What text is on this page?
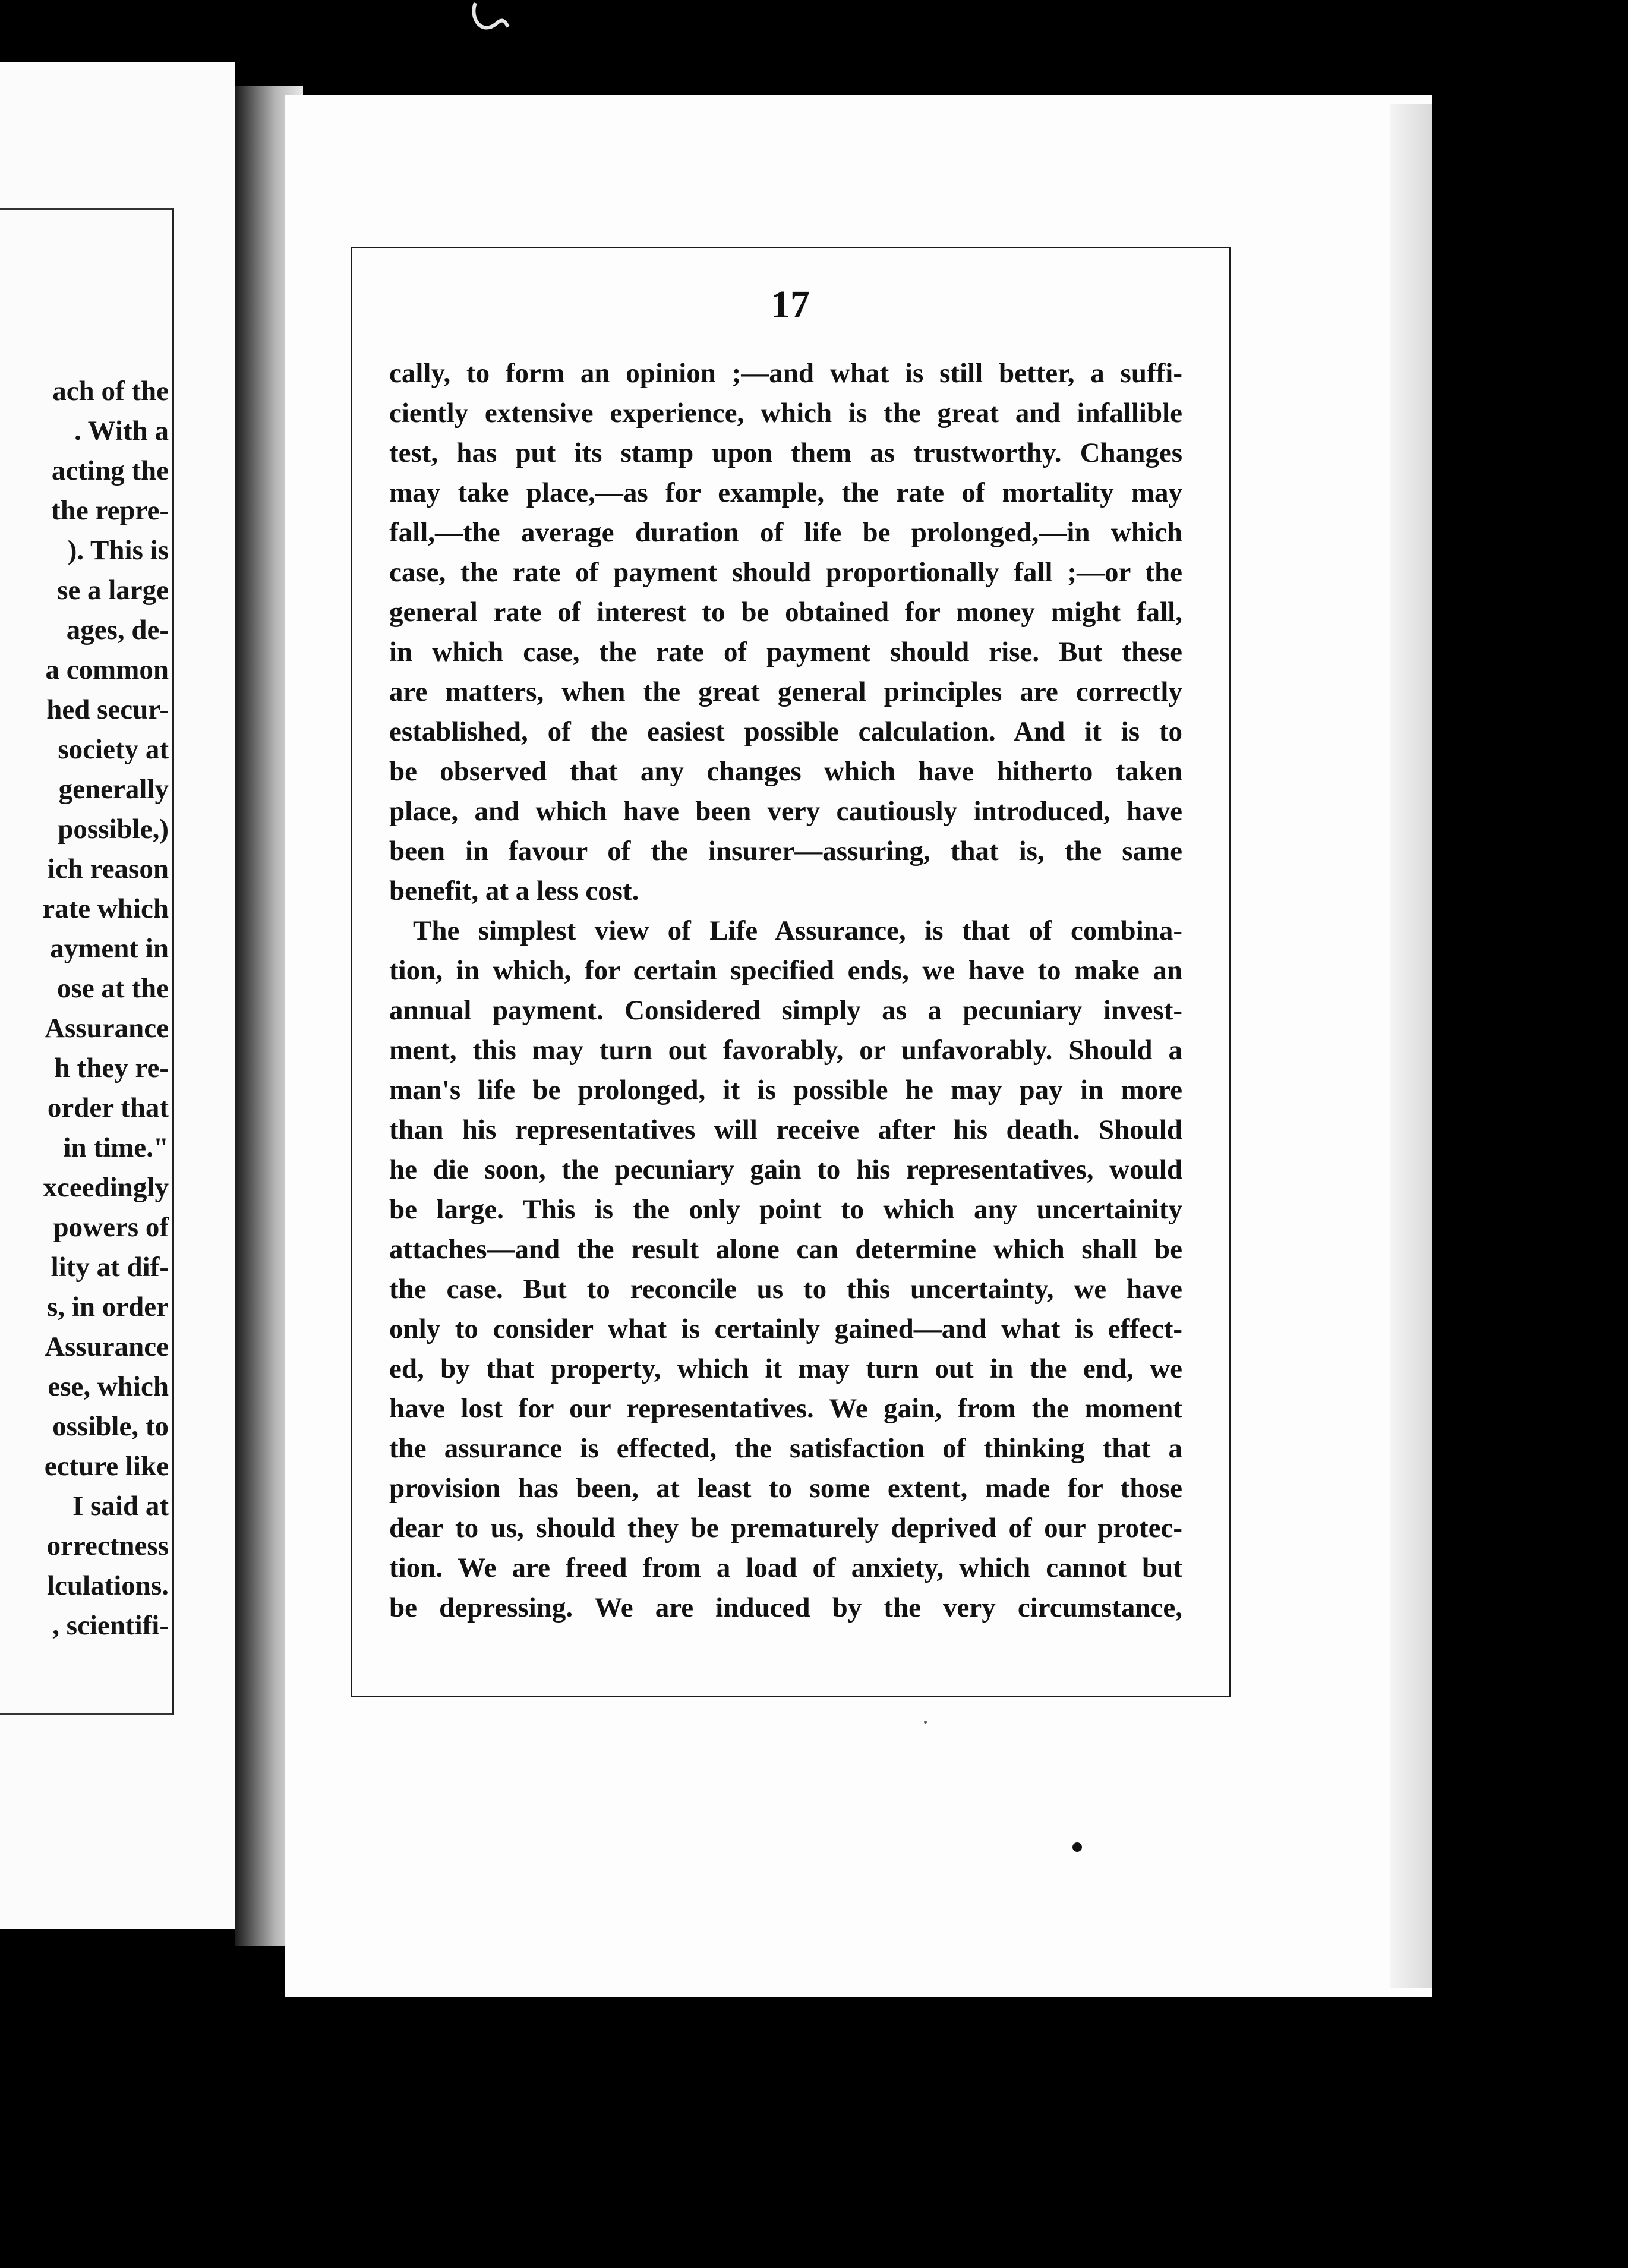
ach of the
. With a
acting the
the repre-
). This is
se a large
ages, de-
a common
hed secur-
society at
generally
possible,)
ich reason
rate which
ayment in
ose at the
Assurance
h they re-
order that
in time."
xceedingly
powers of
lity at dif-
s, in order
Assurance
ese, which
ossible, to
ecture like
I said at
orrectness
lculations.
, scientifi-
17
cally, to form an opinion ;—and what is still better, a suffi-
ciently extensive experience, which is the great and infallible
test, has put its stamp upon them as trustworthy. Changes
may take place,—as for example, the rate of mortality may
fall,—the average duration of life be prolonged,—in which
case, the rate of payment should proportionally fall ;—or the
general rate of interest to be obtained for money might fall,
in which case, the rate of payment should rise. But these
are matters, when the great general principles are correctly
established, of the easiest possible calculation. And it is to
be observed that any changes which have hitherto taken
place, and which have been very cautiously introduced, have
been in favour of the insurer—assuring, that is, the same
benefit, at a less cost.
The simplest view of Life Assurance, is that of combina-
tion, in which, for certain specified ends, we have to make an
annual payment. Considered simply as a pecuniary invest-
ment, this may turn out favorably, or unfavorably. Should a
man's life be prolonged, it is possible he may pay in more
than his representatives will receive after his death. Should
he die soon, the pecuniary gain to his representatives, would
be large. This is the only point to which any uncertainity
attaches—and the result alone can determine which shall be
the case. But to reconcile us to this uncertainty, we have
only to consider what is certainly gained—and what is effect-
ed, by that property, which it may turn out in the end, we
have lost for our representatives. We gain, from the moment
the assurance is effected, the satisfaction of thinking that a
provision has been, at least to some extent, made for those
dear to us, should they be prematurely deprived of our protec-
tion. We are freed from a load of anxiety, which cannot but
be depressing. We are induced by the very circumstance,
